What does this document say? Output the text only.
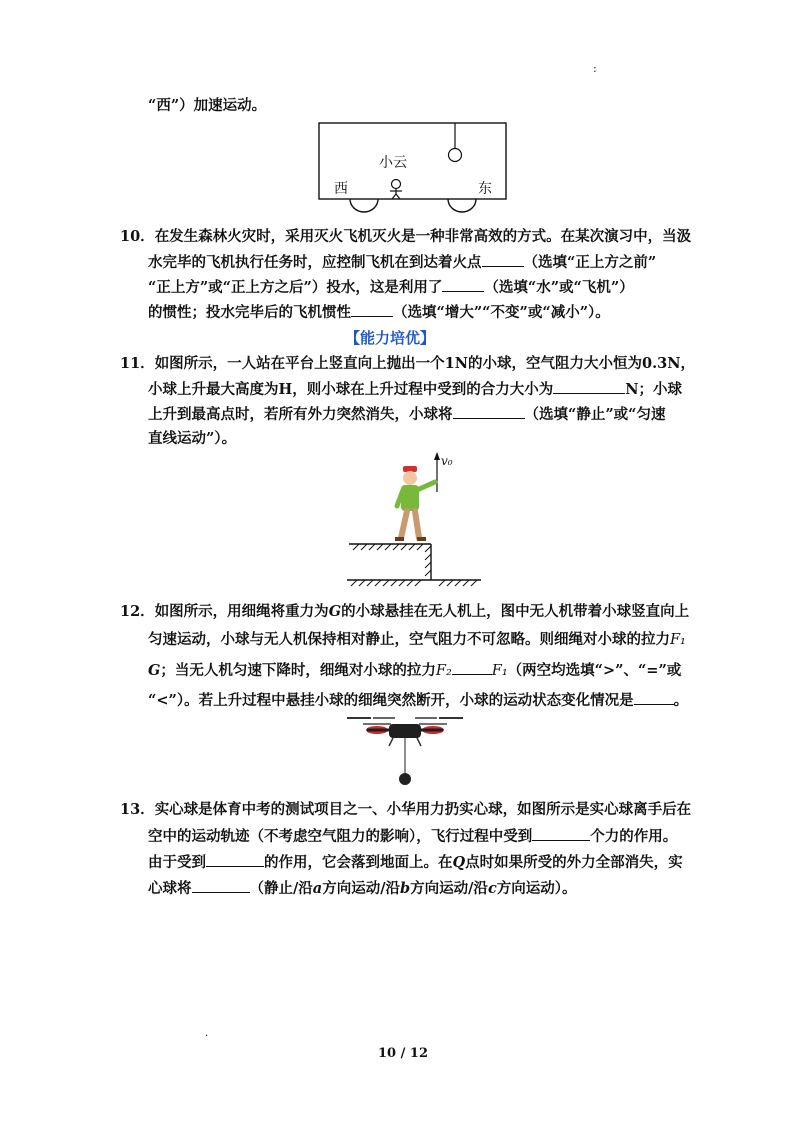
:
“西”）加速运动。
小云
西	东
10．在发生森林火灾时，采用灭火飞机灭火是一种非常高效的方式。在某次演习中，当汲
水完毕的飞机执行任务时，应控制飞机在到达着火点	（选填“正上方之前”
“正上方”或“正上方之后”）投水，这是利用了	（选填“水”或“飞机”）
的惯性；投水完毕后的飞机惯性	（选填“增大”“不变”或“减小”）。
【能力培优】
11．如图所示，一人站在平台上竖直向上抛出一个1N的小球，空气阻力大小恒为0.3N，
小球上升最大高度为H，则小球在上升过程中受到的合力大小为	N；小球
上升到最高点时，若所有外力突然消失，小球将	（选填“静止”或“匀速
直线运动”）。
v₀
12．如图所示，用细绳将重力为G的小球悬挂在无人机上，图中无人机带着小球竖直向上
匀速运动，小球与无人机保持相对静止，空气阻力不可忽略。则细绳对小球的拉力F₁
G；当无人机匀速下降时，细绳对小球的拉力F₂	F₁（两空均选填“>”、“=”或
“<”）。若上升过程中悬挂小球的细绳突然断开，小球的运动状态变化情况是	。
13．实心球是体育中考的测试项目之一、小华用力扔实心球，如图所示是实心球离手后在
空中的运动轨迹（不考虑空气阻力的影响），飞行过程中受到	个力的作用。
由于受到	的作用，它会落到地面上。在Q点时如果所受的外力全部消失，实
心球将	（静止/沿a方向运动/沿b方向运动/沿c方向运动）。
.
10 / 12
